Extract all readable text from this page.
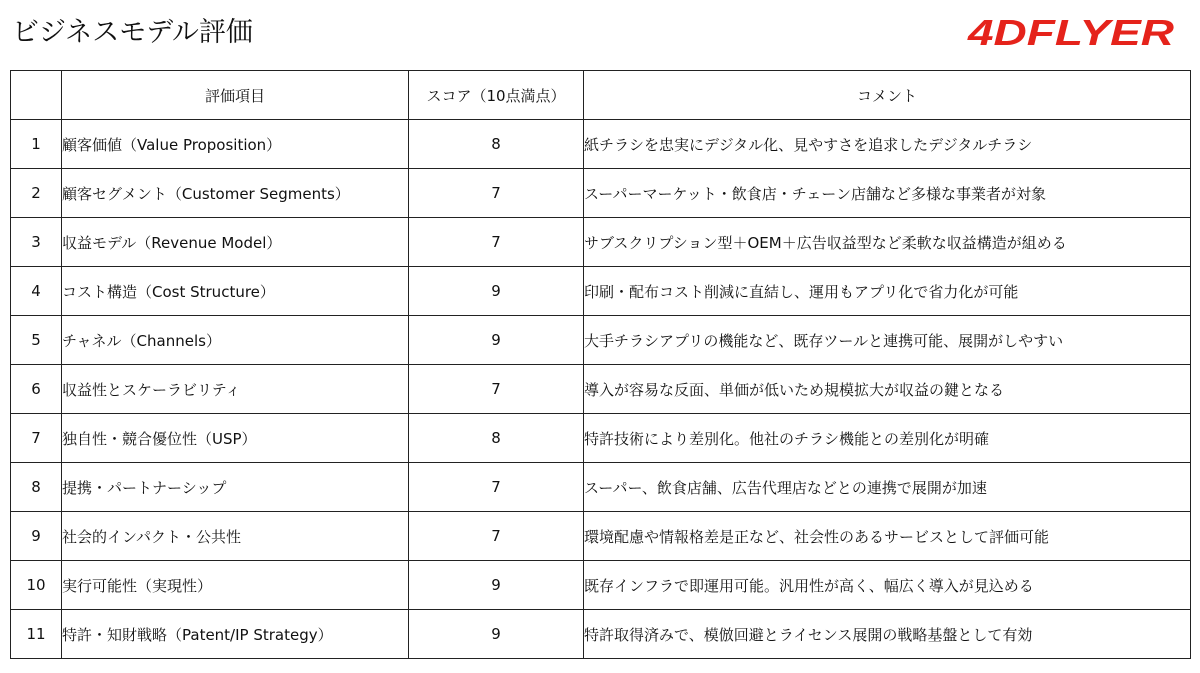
ビジネスモデル評価	4DFLYER
	評価項目	スコア（10点満点）	コメント
1	顧客価値（Value Proposition）	8	紙チラシを忠実にデジタル化、見やすさを追求したデジタルチラシ
2	顧客セグメント（Customer Segments）	7	スーパーマーケット・飲食店・チェーン店舗など多様な事業者が対象
3	収益モデル（Revenue Model）	7	サブスクリプション型＋OEM＋広告収益型など柔軟な収益構造が組める
4	コスト構造（Cost Structure）	9	印刷・配布コスト削減に直結し、運用もアプリ化で省力化が可能
5	チャネル（Channels）	9	大手チラシアプリの機能など、既存ツールと連携可能、展開がしやすい
6	収益性とスケーラビリティ	7	導入が容易な反面、単価が低いため規模拡大が収益の鍵となる
7	独自性・競合優位性（USP）	8	特許技術により差別化。他社のチラシ機能との差別化が明確
8	提携・パートナーシップ	7	スーパー、飲食店舗、広告代理店などとの連携で展開が加速
9	社会的インパクト・公共性	7	環境配慮や情報格差是正など、社会性のあるサービスとして評価可能
10	実行可能性（実現性）	9	既存インフラで即運用可能。汎用性が高く、幅広く導入が見込める
11	特許・知財戦略（Patent/IP Strategy）	9	特許取得済みで、模倣回避とライセンス展開の戦略基盤として有効
